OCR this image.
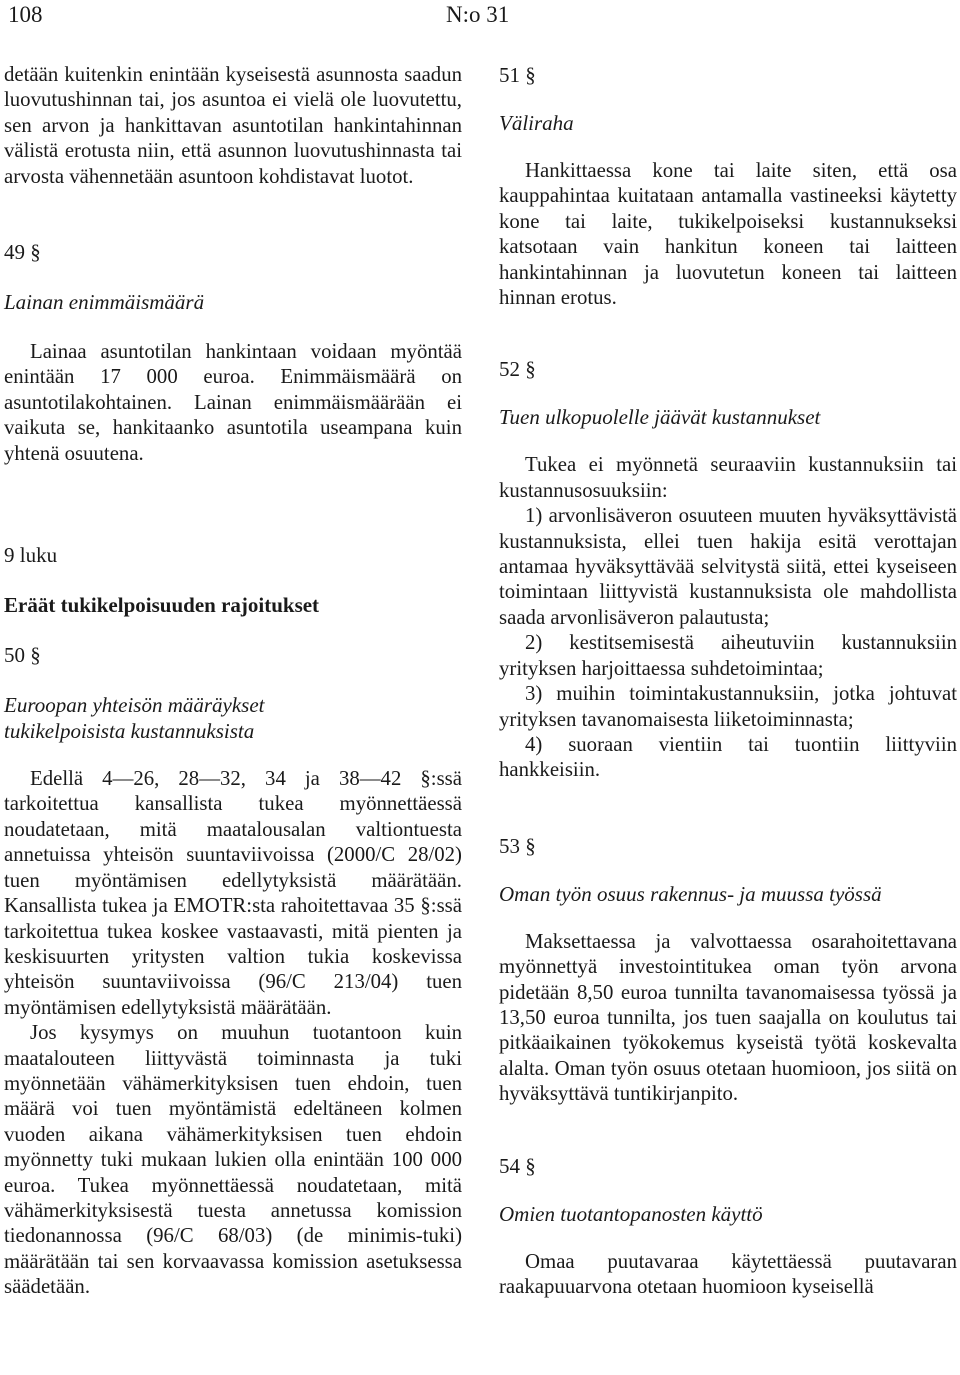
108	N:o 31

detään kuitenkin enintään kyseisestä asunnosta saadun luovutushinnan tai, jos asuntoa ei vielä ole luovutettu, sen arvon ja hankittavan asuntotilan hankintahinnan välistä erotusta niin, että asunnon luovutushinnasta tai arvosta vähennetään asuntoon kohdistavat luotot.

49 §

Lainan enimmäismäärä

Lainaa asuntotilan hankintaan voidaan myöntää enintään 17 000 euroa. Enimmäismäärä on asuntotilakohtainen. Lainan enimmäismäärään ei vaikuta se, hankitaanko asuntotila useampana kuin yhtenä osuutena.

9 luku

Eräät tukikelpoisuuden rajoitukset

50 §

Euroopan yhteisön määräykset

tukikelpoisista kustannuksista

Edellä 4—26, 28—32, 34 ja 38—42 §:ssä tarkoitettua kansallista tukea myönnettäessä noudatetaan, mitä maatalousalan valtiontuesta annetuissa yhteisön suuntaviivoissa (2000/C 28/02) tuen myöntämisen edellytyksistä määrätään. Kansallista tukea ja EMOTR:sta rahoitettavaa 35 §:ssä tarkoitettua tukea koskee vastaavasti, mitä pienten ja keskisuurten yritysten valtion tukia koskevissa yhteisön suuntaviivoissa (96/C 213/04) tuen myöntämisen edellytyksistä määrätään.

Jos kysymys on muuhun tuotantoon kuin maatalouteen liittyvästä toiminnasta ja tuki myönnetään vähämerkityksisen tuen ehdoin, tuen määrä voi tuen myöntämistä edeltäneen kolmen vuoden aikana vähämerkityksisen tuen ehdoin myönnetty tuki mukaan lukien olla enintään 100 000 euroa. Tukea myönnettäessä noudatetaan, mitä vähämerkityksisestä tuesta annetussa komission tiedonannossa (96/C 68/03) (de minimis-tuki) määrätään tai sen korvaavassa komission asetuksessa säädetään.

51 §

Väliraha

Hankittaessa kone tai laite siten, että osa kauppahintaa kuitataan antamalla vastineeksi käytetty kone tai laite, tukikelpoiseksi kustannukseksi katsotaan vain hankitun koneen tai laitteen hankintahinnan ja luovutetun koneen tai laitteen hinnan erotus.

52 §

Tuen ulkopuolelle jäävät kustannukset

Tukea ei myönnetä seuraaviin kustannuksiin tai kustannusosuuksiin:

1) arvonlisäveron osuuteen muuten hyväksyttävistä kustannuksista, ellei tuen hakija esitä verottajan antamaa hyväksyttävää selvitystä siitä, ettei kyseiseen toimintaan liittyvistä kustannuksista ole mahdollista saada arvonlisäveron palautusta;

2) kestitsemisestä aiheutuviin kustannuksiin yrityksen harjoittaessa suhdetoimintaa;

3) muihin toimintakustannuksiin, jotka johtuvat yrityksen tavanomaisesta liiketoiminnasta;

4) suoraan vientiin tai tuontiin liittyviin hankkeisiin.

53 §

Oman työn osuus rakennus- ja muussa työssä

Maksettaessa ja valvottaessa osarahoitettavana myönnettyä investointitukea oman työn arvona pidetään 8,50 euroa tunnilta tavanomaisessa työssä ja 13,50 euroa tunnilta, jos tuen saajalla on koulutus tai pitkäaikainen työkokemus kyseistä työtä koskevalta alalta. Oman työn osuus otetaan huomioon, jos siitä on hyväksyttävä tuntikirjanpito.

54 §

Omien tuotantopanosten käyttö

Omaa puutavaraa käytettäessä puutavaran raakapuuarvona otetaan huomioon kyseisellä
